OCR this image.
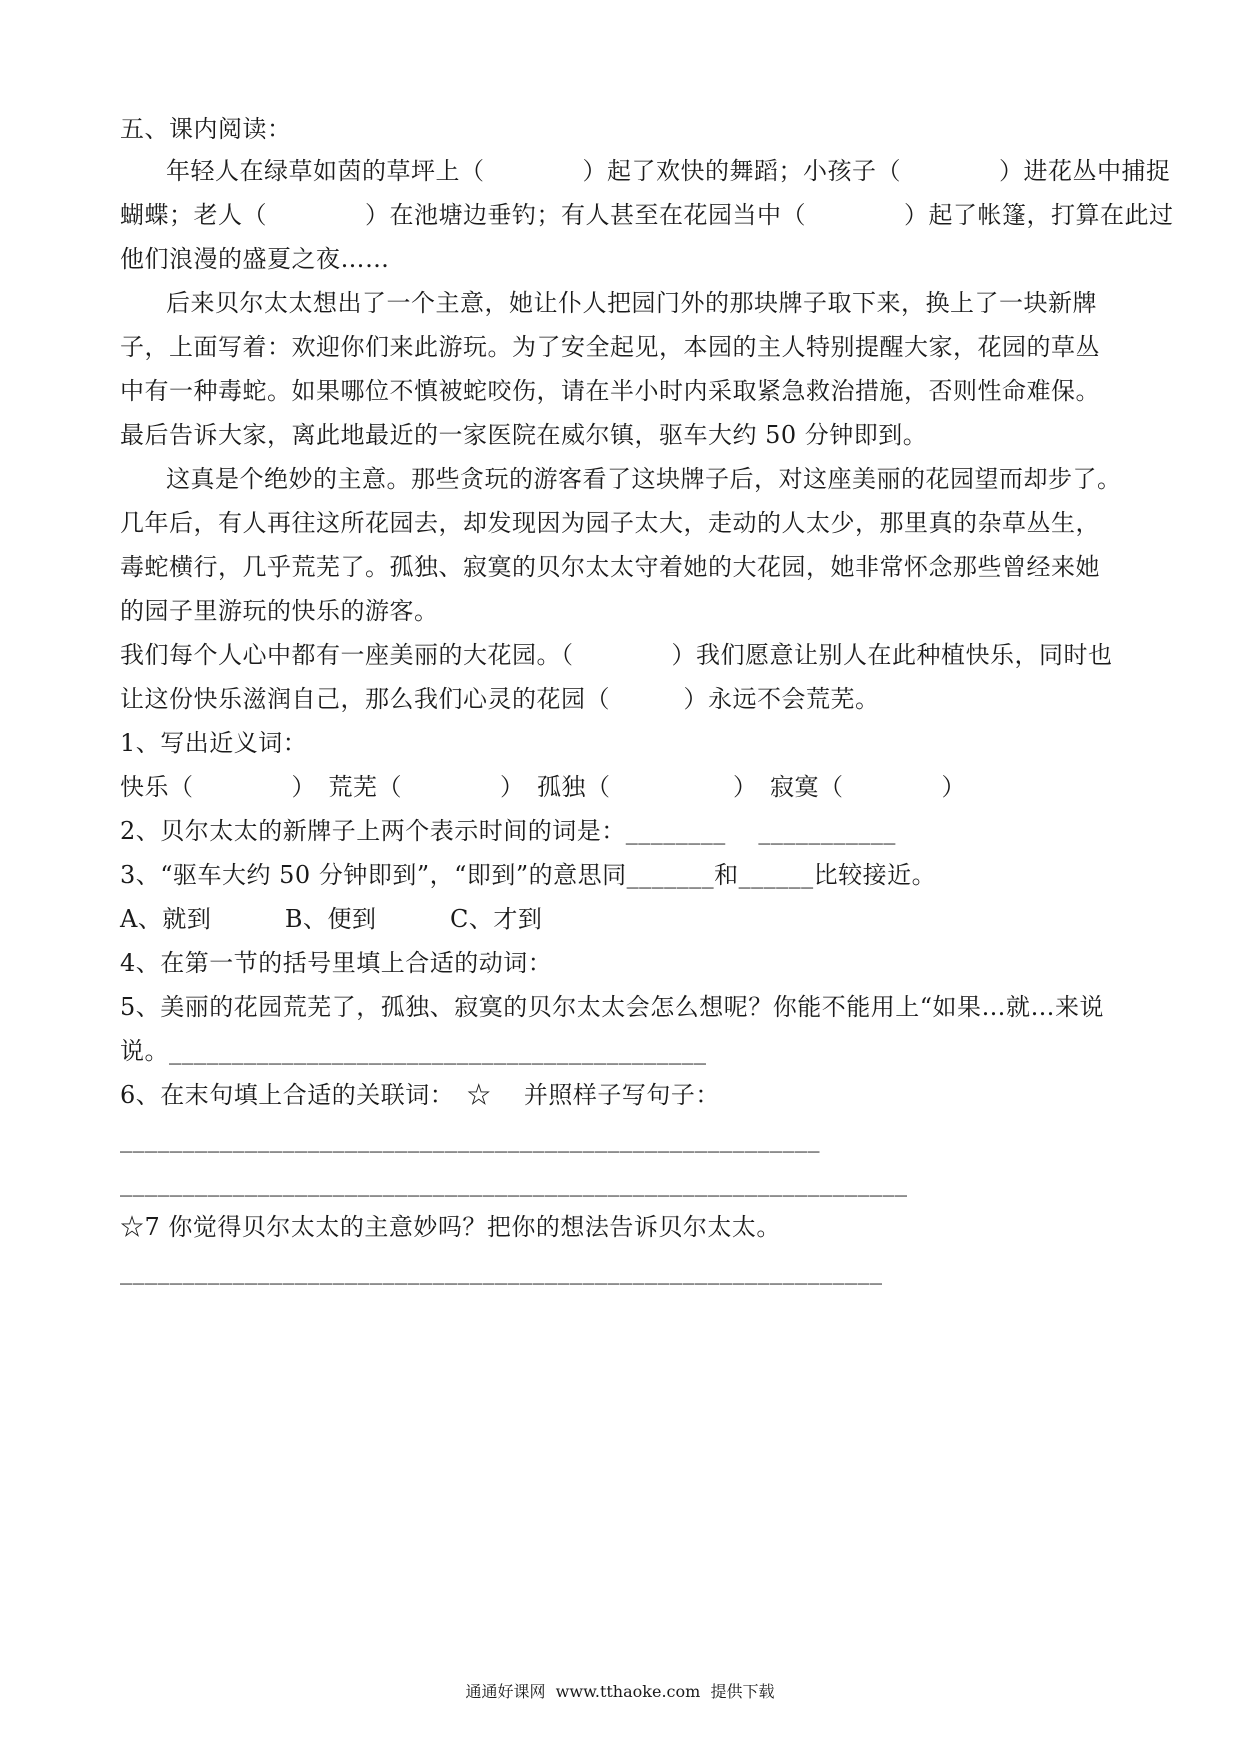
五、课内阅读：
年轻人在绿草如茵的草坪上（　　　　）起了欢快的舞蹈；小孩子（　　　　）进花丛中捕捉
蝴蝶；老人（　　　　）在池塘边垂钓；有人甚至在花园当中（　　　　）起了帐篷，打算在此过
他们浪漫的盛夏之夜……
后来贝尔太太想出了一个主意，她让仆人把园门外的那块牌子取下来，换上了一块新牌
子，上面写着：欢迎你们来此游玩。为了安全起见，本园的主人特别提醒大家，花园的草丛
中有一种毒蛇。如果哪位不慎被蛇咬伤，请在半小时内采取紧急救治措施，否则性命难保。
最后告诉大家，离此地最近的一家医院在威尔镇，驱车大约 50 分钟即到。
这真是个绝妙的主意。那些贪玩的游客看了这块牌子后，对这座美丽的花园望而却步了。
几年后，有人再往这所花园去，却发现因为园子太大，走动的人太少，那里真的杂草丛生，
毒蛇横行，几乎荒芜了。孤独、寂寞的贝尔太太守着她的大花园，她非常怀念那些曾经来她
的园子里游玩的快乐的游客。
我们每个人心中都有一座美丽的大花园。（　　　　）我们愿意让别人在此种植快乐，同时也
让这份快乐滋润自己，那么我们心灵的花园（　　　）永远不会荒芜。
1、写出近义词：
快乐（　　　　）　荒芜（　　　　）　孤独（　　　　　）　寂寞（　　　　）
2、贝尔太太的新牌子上两个表示时间的词是：________　 ___________
3、“驱车大约 50 分钟即到”，“即到”的意思同_______和______比较接近。
A、就到　　　B、便到　　　C、才到
4、在第一节的括号里填上合适的动词：
5、美丽的花园荒芜了，孤独、寂寞的贝尔太太会怎么想呢？你能不能用上“如果…就…来说
说。___________________________________________
6、在末句填上合适的关联词：　☆　 并照样子写句子：
________________________________________________________
_______________________________________________________________
☆7 你觉得贝尔太太的主意妙吗？把你的想法告诉贝尔太太。
_____________________________________________________________
通通好课网  www.tthaoke.com  提供下载
